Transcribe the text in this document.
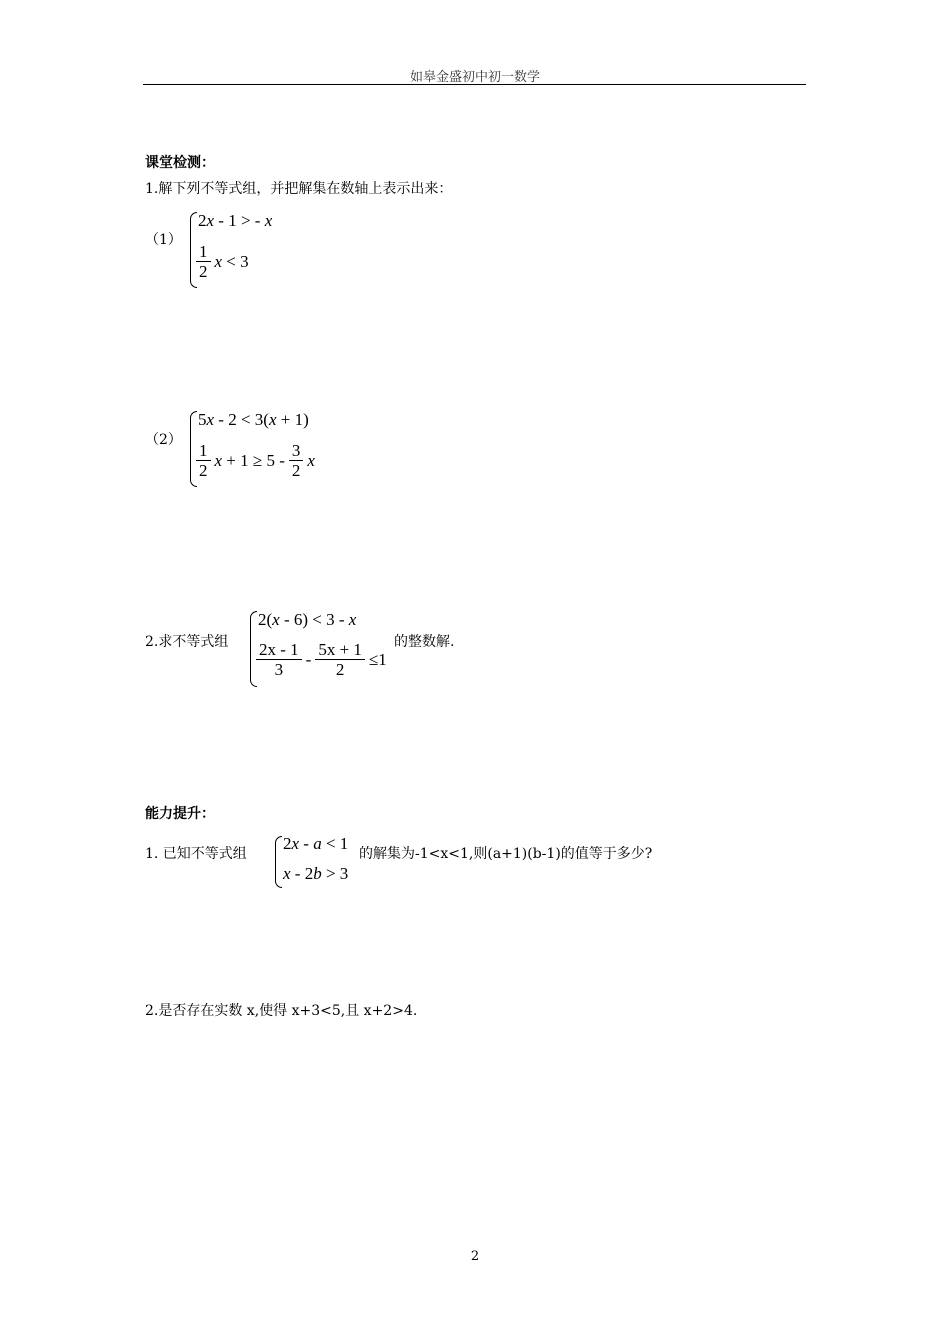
如皋金盛初中初一数学
课堂检测：
1.解下列不等式组，并把解集在数轴上表示出来：
（1）
2x - 1 > - x
$\frac{1}{2}$ x < 3
（2）
5x - 2 < 3(x + 1)
$\frac{1}{2}$ $x + 1 \ge 5 - \frac{3}{2}$ x
2.求不等式组
2(x - 6) < 3 - x
$\frac{2x - 1}{3} - \frac{5x + 1}{2} \le 1$
的整数解.
能力提升：
1. 已知不等式组
2x - a < 1
x - 2b > 3
的解集为-1<x<1,则(a+1)(b-1)的值等于多少?
2.是否存在实数 x,使得 x+3<5,且 x+2>4.
2
